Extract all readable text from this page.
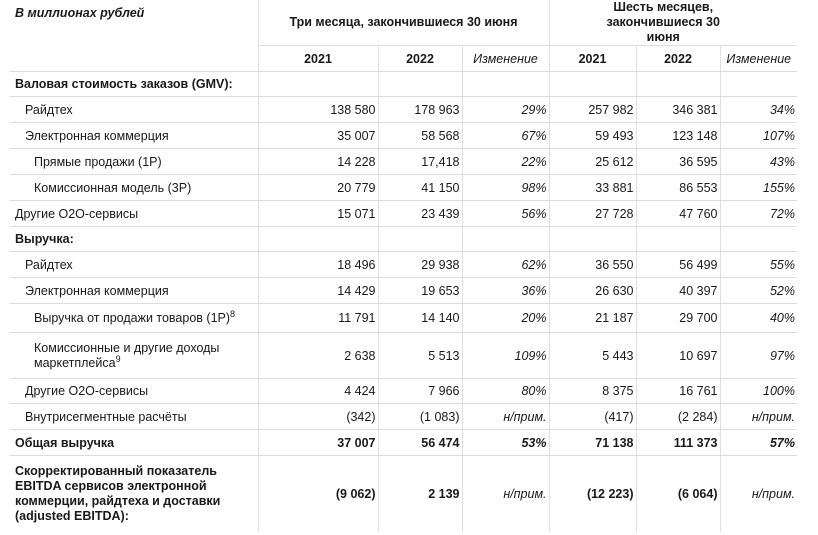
В миллионах рублей	Три месяца, закончившиеся 30 июня			Шесть месяцев, закончившиеся 30 июня		
	2021	2022	Изменение	2021	2022	Изменение
Валовая стоимость заказов (GMV):						
Райдтех	138 580	178 963	29%	257 982	346 381	34%
Электронная коммерция	35 007	58 568	67%	59 493	123 148	107%
Прямые продажи (1P)	14 228	17,418	22%	25 612	36 595	43%
Комиссионная модель (3P)	20 779	41 150	98%	33 881	86 553	155%
Другие O2O-сервисы	15 071	23 439	56%	27 728	47 760	72%
Выручка:						
Райдтех	18 496	29 938	62%	36 550	56 499	55%
Электронная коммерция	14 429	19 653	36%	26 630	40 397	52%
Выручка от продажи товаров $(1P)^8$	11 791	14 140	20%	21 187	29 700	40%
Комиссионные и другие доходы маркетплейса$^9$	2 638	5 513	109%	5 443	10 697	97%
Другие O2O-сервисы	4 424	7 966	80%	8 375	16 761	100%
Внутрисегментные расчёты	(342)	(1 083)	н/прим.	(417)	(2 284)	н/прим.
Общая выручка	37 007	56 474	53%	71 138	111 373	57%
Скорректированный показатель EBITDA сервисов электронной коммерции, райдтеха и доставки (adjusted EBITDA):	(9 062)	2 139	н/прим.	(12 223)	(6 064)	н/прим.
